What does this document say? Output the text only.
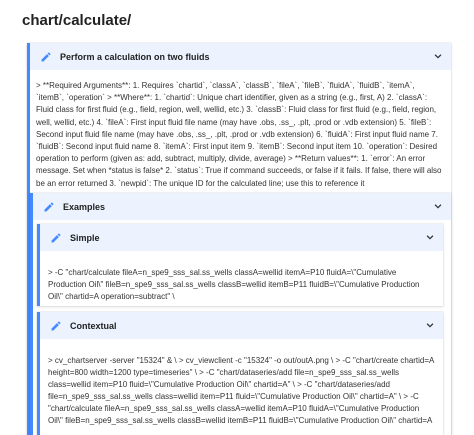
chart/calculate/
Perform a calculation on two fluids
> **Required Arguments**: 1. Requires `chartid`, `classA`, `classB`, `fileA`, `fileB`, `fluidA`, `fluidB`, `itemA`, `itemB`, `operation` > **Where**: 1. `chartid`: Unique chart identifier, given as a string (e.g., first, A) 2. `classA`: Fluid class for first fluid (e.g., field, region, well, wellid, etc.) 3. `classB`: Fluid class for first fluid (e.g., field, region, well, wellid, etc.) 4. `fileA`: First input fluid file name (may have .obs, .ss_, .plt, .prod or .vdb extension) 5. `fileB`: Second input fluid file name (may have .obs, .ss_, .plt, .prod or .vdb extension) 6. `fluidA`: First input fluid name 7. `fluidB`: Second input fluid name 8. `itemA`: First input item 9. `itemB`: Second input item 10. `operation`: Desired operation to perform (given as: add, subtract, multiply, divide, average) > **Return values**: 1. `error`: An error message. Set when *status is false* 2. `status`: True if command succeeds, or false if it fails. If false, there will also be an error returned 3. `newpid`: The unique ID for the calculated line; use this to reference it
Examples
Simple
> -C "chart/calculate fileA=n_spe9_sss_sal.ss_wells classA=wellid itemA=P10 fluidA=\"Cumulative Production Oil\" fileB=n_spe9_sss_sal.ss_wells classB=wellid itemB=P11 fluidB=\"Cumulative Production Oil\" chartid=A operation=subtract" \
Contextual
> cv_chartserver -server "15324" & \ > cv_viewclient -c "15324" -o out/outA.png \ > -C "chart/create chartid=A height=800 width=1200 type=timeseries" \ > -C "chart/dataseries/add file=n_spe9_sss_sal.ss_wells class=wellid item=P10 fluid=\"Cumulative Production Oil\" chartid=A" \ > -C "chart/dataseries/add file=n_spe9_sss_sal.ss_wells class=wellid item=P11 fluid=\"Cumulative Production Oil\" chartid=A" \ > -C "chart/calculate fileA=n_spe9_sss_sal.ss_wells classA=wellid itemA=P10 fluidA=\"Cumulative Production Oil\" fileB=n_spe9_sss_sal.ss_wells classB=wellid itemB=P11 fluidB=\"Cumulative Production Oil\" chartid=A
